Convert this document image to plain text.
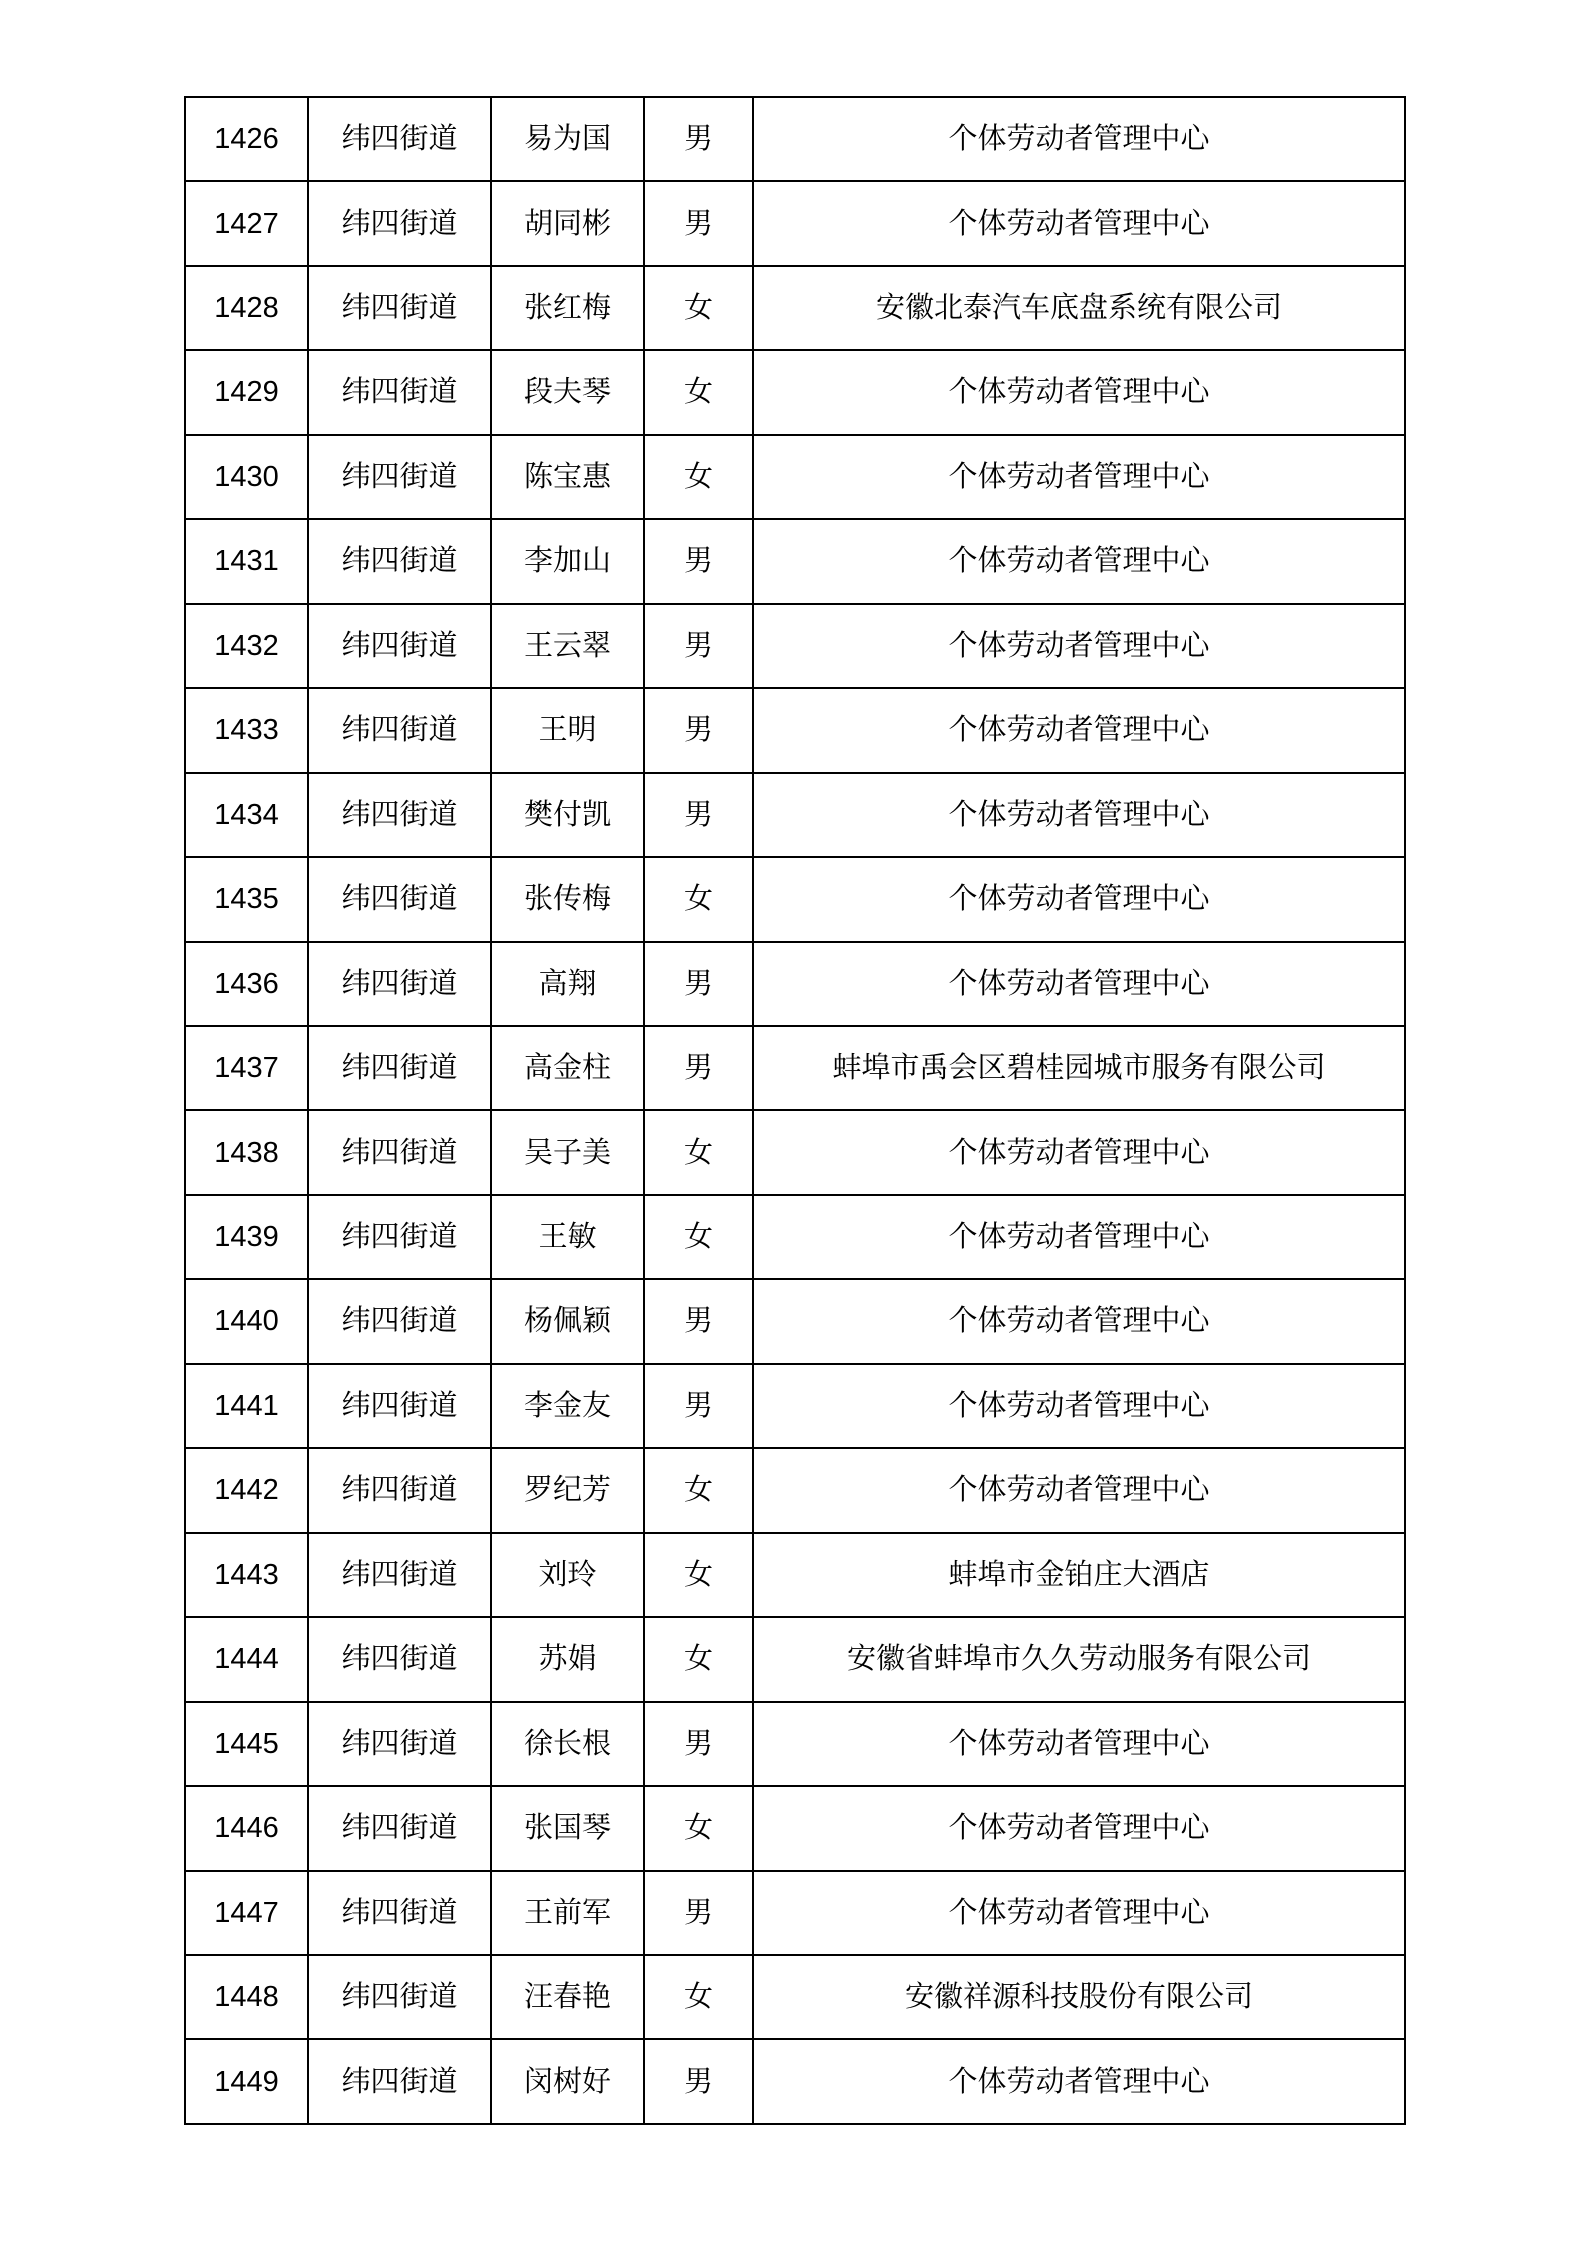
1426	纬四街道	易为国	男	个体劳动者管理中心
1427	纬四街道	胡同彬	男	个体劳动者管理中心
1428	纬四街道	张红梅	女	安徽北泰汽车底盘系统有限公司
1429	纬四街道	段夫琴	女	个体劳动者管理中心
1430	纬四街道	陈宝惠	女	个体劳动者管理中心
1431	纬四街道	李加山	男	个体劳动者管理中心
1432	纬四街道	王云翠	男	个体劳动者管理中心
1433	纬四街道	王明	男	个体劳动者管理中心
1434	纬四街道	樊付凯	男	个体劳动者管理中心
1435	纬四街道	张传梅	女	个体劳动者管理中心
1436	纬四街道	高翔	男	个体劳动者管理中心
1437	纬四街道	高金柱	男	蚌埠市禹会区碧桂园城市服务有限公司
1438	纬四街道	吴子美	女	个体劳动者管理中心
1439	纬四街道	王敏	女	个体劳动者管理中心
1440	纬四街道	杨佩颖	男	个体劳动者管理中心
1441	纬四街道	李金友	男	个体劳动者管理中心
1442	纬四街道	罗纪芳	女	个体劳动者管理中心
1443	纬四街道	刘玲	女	蚌埠市金铂庄大酒店
1444	纬四街道	苏娟	女	安徽省蚌埠市久久劳动服务有限公司
1445	纬四街道	徐长根	男	个体劳动者管理中心
1446	纬四街道	张国琴	女	个体劳动者管理中心
1447	纬四街道	王前军	男	个体劳动者管理中心
1448	纬四街道	汪春艳	女	安徽祥源科技股份有限公司
1449	纬四街道	闵树好	男	个体劳动者管理中心
